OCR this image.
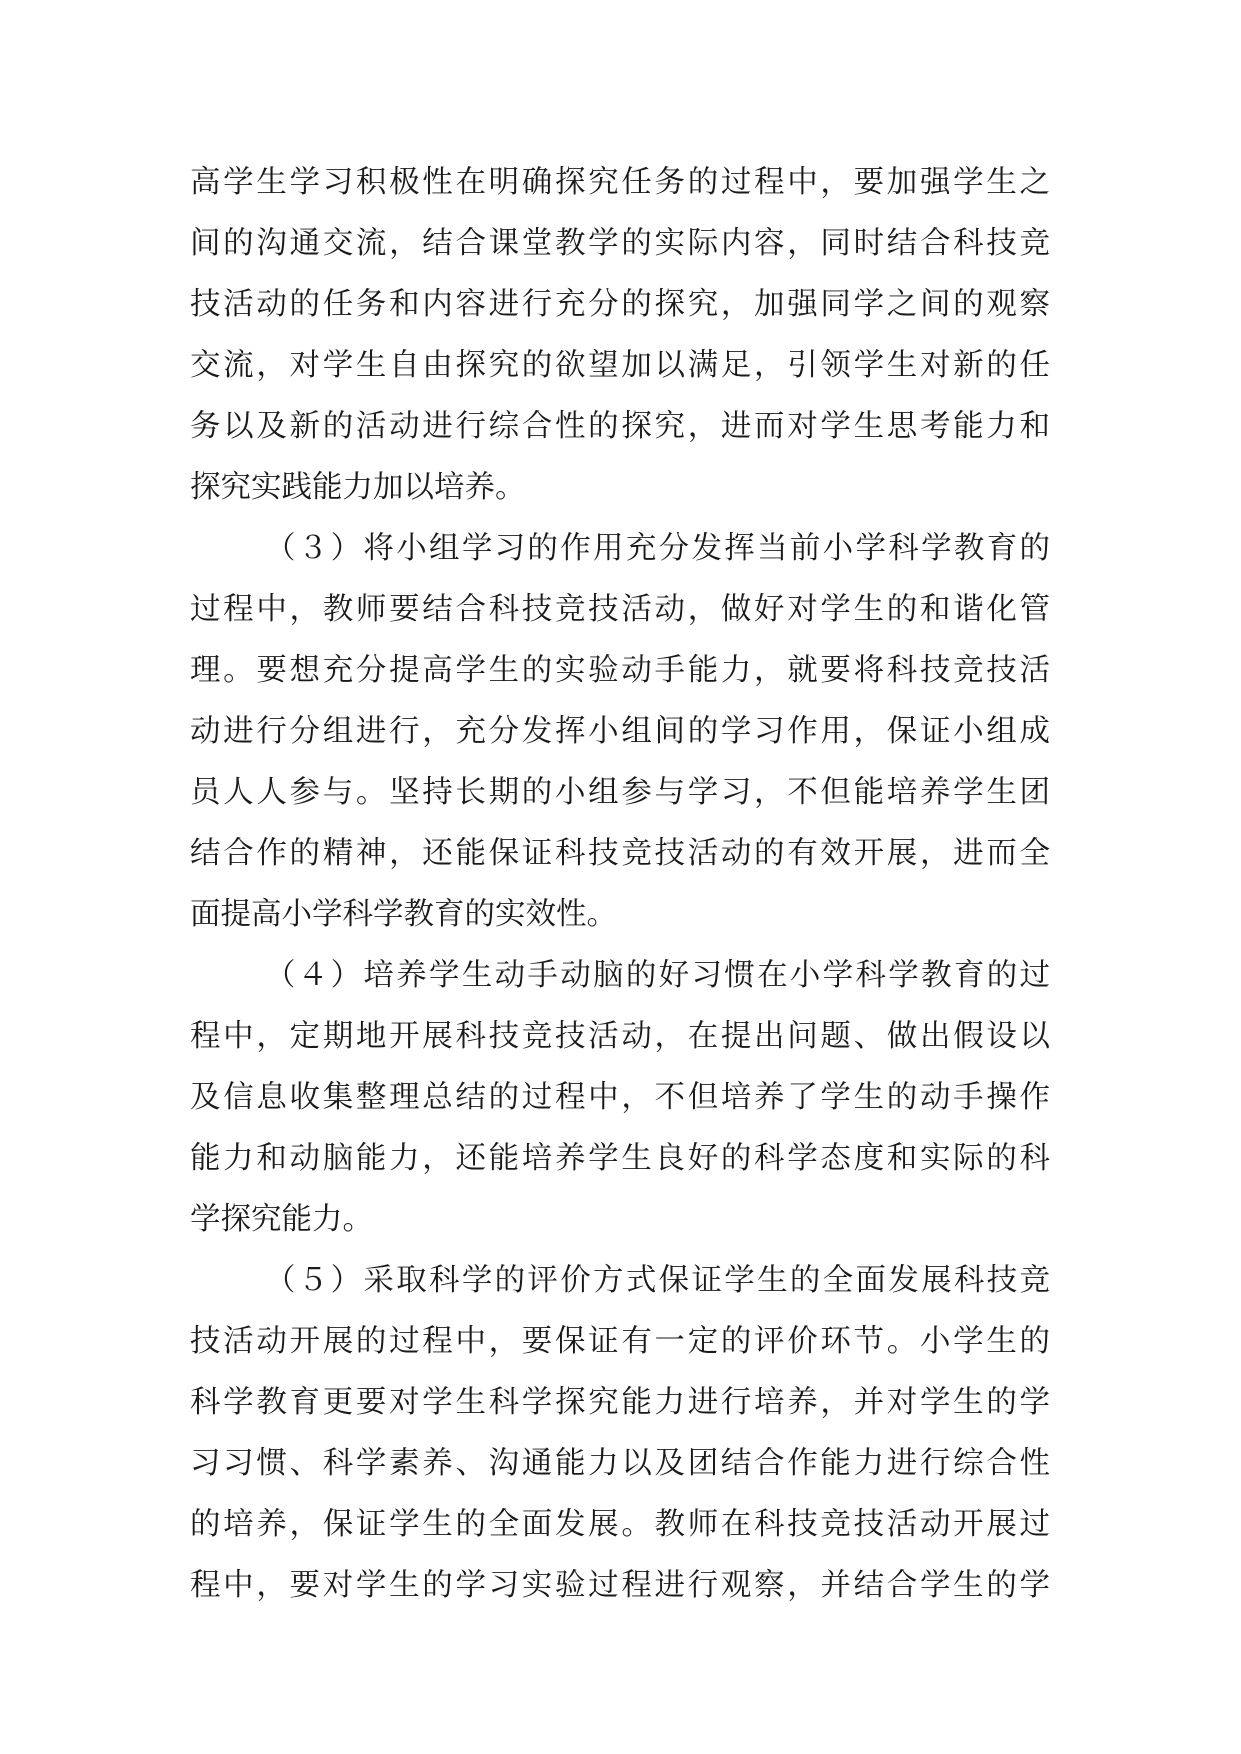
高学生学习积极性在明确探究任务的过程中，要加强学生之
间的沟通交流，结合课堂教学的实际内容，同时结合科技竞
技活动的任务和内容进行充分的探究，加强同学之间的观察
交流，对学生自由探究的欲望加以满足，引领学生对新的任
务以及新的活动进行综合性的探究，进而对学生思考能力和
探究实践能力加以培养。
（３）将小组学习的作用充分发挥当前小学科学教育的
过程中，教师要结合科技竞技活动，做好对学生的和谐化管
理。要想充分提高学生的实验动手能力，就要将科技竞技活
动进行分组进行，充分发挥小组间的学习作用，保证小组成
员人人参与。坚持长期的小组参与学习，不但能培养学生团
结合作的精神，还能保证科技竞技活动的有效开展，进而全
面提高小学科学教育的实效性。
（４）培养学生动手动脑的好习惯在小学科学教育的过
程中，定期地开展科技竞技活动，在提出问题、做出假设以
及信息收集整理总结的过程中，不但培养了学生的动手操作
能力和动脑能力，还能培养学生良好的科学态度和实际的科
学探究能力。
（５）采取科学的评价方式保证学生的全面发展科技竞
技活动开展的过程中，要保证有一定的评价环节。小学生的
科学教育更要对学生科学探究能力进行培养，并对学生的学
习习惯、科学素养、沟通能力以及团结合作能力进行综合性
的培养，保证学生的全面发展。教师在科技竞技活动开展过
程中，要对学生的学习实验过程进行观察，并结合学生的学
